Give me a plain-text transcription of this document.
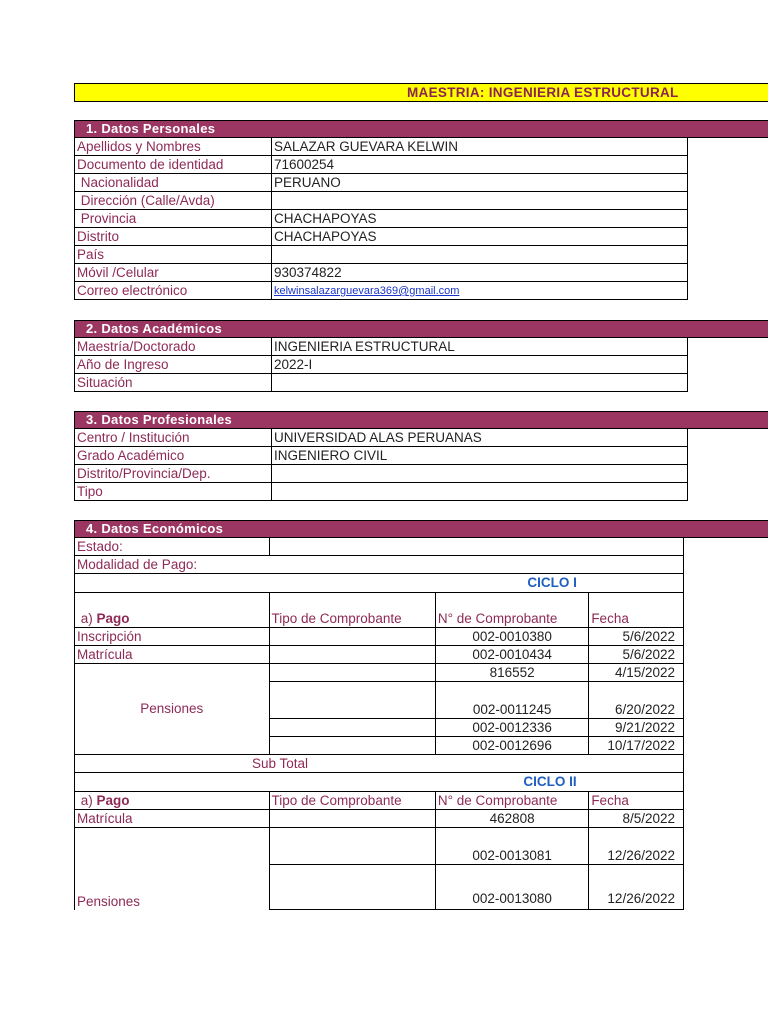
MAESTRIA: INGENIERIA ESTRUCTURAL
1. Datos Personales
Apellidos y Nombres	SALAZAR GUEVARA KELWIN
Documento de identidad	71600254
Nacionalidad	PERUANO
Dirección (Calle/Avda)	
Provincia	CHACHAPOYAS
Distrito	CHACHAPOYAS
País	
Móvil /Celular	930374822
Correo electrónico	kelwinsalazarguevara369@gmail.com
2. Datos Académicos
Maestría/Doctorado	INGENIERIA ESTRUCTURAL
Año de Ingreso	2022-I
Situación	
3. Datos Profesionales
Centro / Institución	UNIVERSIDAD ALAS PERUANAS
Grado Académico	INGENIERO CIVIL
Distrito/Provincia/Dep.	
Tipo	
4. Datos Económicos
Estado:			
Modalidad de Pago:			
		CICLO I	
a) Pago	Tipo de Comprobante	N° de Comprobante	Fecha
Inscripción		002-0010380	5/6/2022
Matrícula		002-0010434	5/6/2022
Pensiones		816552	4/15/2022
		002-0011245	6/20/2022
		002-0012336	9/21/2022
		002-0012696	10/17/2022
Sub Total			
		CICLO II	
a) Pago	Tipo de Comprobante	N° de Comprobante	Fecha
Matrícula		462808	8/5/2022
Pensiones		002-0013081	12/26/2022
		002-0013080	12/26/2022
